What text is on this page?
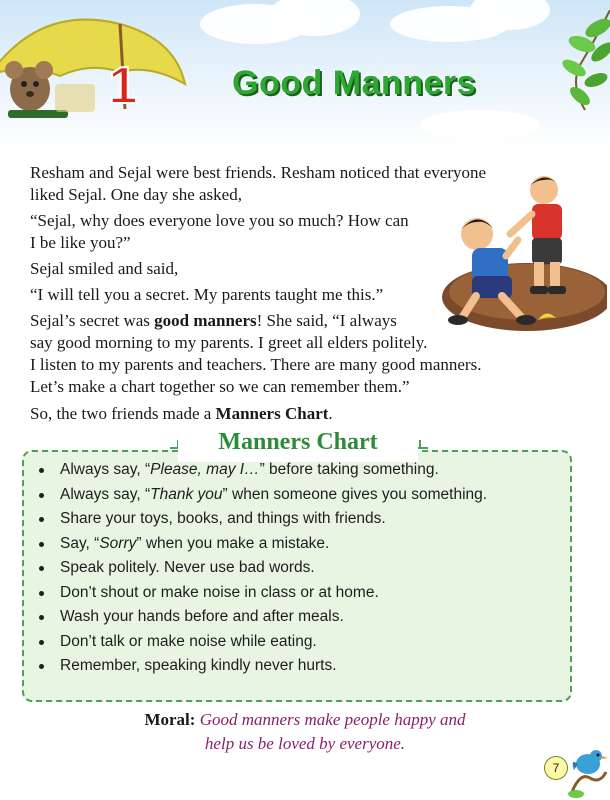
1	Good Manners
Resham and Sejal were best friends. Resham noticed that everyone
liked Sejal. One day she asked,
“Sejal, why does everyone love you so much? How can
I be like you?”
Sejal smiled and said,
“I will tell you a secret. My parents taught me this.”
Sejal’s secret was good manners! She said, “I always
say good morning to my parents. I greet all elders politely.
I listen to my parents and teachers. There are many good manners.
Let’s make a chart together so we can remember them.”
So, the two friends made a Manners Chart.
Manners Chart
Always say, “Please, may I…” before taking something.
Always say, “Thank you” when someone gives you something.
Share your toys, books, and things with friends.
Say, “Sorry” when you make a mistake.
Speak politely. Never use bad words.
Don’t shout or make noise in class or at home.
Wash your hands before and after meals.
Don’t talk or make noise while eating.
Remember, speaking kindly never hurts.
Moral: Good manners make people happy and
help us be loved by everyone.
7
